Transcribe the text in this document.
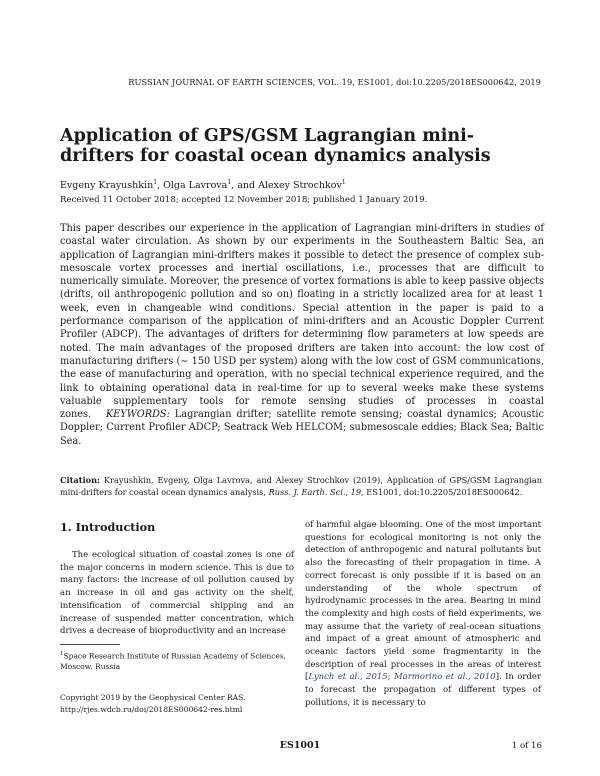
RUSSIAN JOURNAL OF EARTH SCIENCES, VOL. 19, ES1001, doi:10.2205/2018ES000642, 2019
Application of GPS/GSM Lagrangian mini-drifters for coastal ocean dynamics analysis
Evgeny Krayushkin$^1$, Olga Lavrova$^1$, and Alexey Strochkov$^1$
Received 11 October 2018; accepted 12 November 2018; published 1 January 2019.
This paper describes our experience in the application of Lagrangian mini-drifters in studies of coastal water circulation. As shown by our experiments in the Southeastern Baltic Sea, an application of Lagrangian mini-drifters makes it possible to detect the presence of complex sub-mesoscale vortex processes and inertial oscillations, i.e., processes that are difficult to numerically simulate. Moreover, the presence of vortex formations is able to keep passive objects (drifts, oil anthropogenic pollution and so on) floating in a strictly localized area for at least 1 week, even in changeable wind conditions. Special attention in the paper is paid to a performance comparison of the application of mini-drifters and an Acoustic Doppler Current Profiler (ADCP). The advantages of drifters for determining flow parameters at low speeds are noted. The main advantages of the proposed drifters are taken into account: the low cost of manufacturing drifters (∼ 150 USD per system) along with the low cost of GSM communications, the ease of manufacturing and operation, with no special technical experience required, and the link to obtaining operational data in real-time for up to several weeks make these systems valuable supplementary tools for remote sensing studies of processes in coastal zones. KEYWORDS: Lagrangian drifter; satellite remote sensing; coastal dynamics; Acoustic Doppler; Current Profiler ADCP; Seatrack Web HELCOM; submesoscale eddies; Black Sea; Baltic Sea.
Citation: Krayushkin, Evgeny, Olga Lavrova, and Alexey Strochkov (2019), Application of GPS/GSM Lagrangian mini-drifters for coastal ocean dynamics analysis, Russ. J. Earth. Sci., 19, ES1001, doi:10.2205/2018ES000642.
1. Introduction
The ecological situation of coastal zones is one of the major concerns in modern science. This is due to many factors: the increase of oil pollution caused by an increase in oil and gas activity on the shelf, intensification of commercial shipping and an increase of suspended matter concentration, which drives a decrease of bioproductivity and an increase
of harmful algae blooming. One of the most important questions for ecological monitoring is not only the detection of anthropogenic and natural pollutants but also the forecasting of their propagation in time. A correct forecast is only possible if it is based on an understanding of the whole spectrum of hydrodynamic processes in the area. Bearing in mind the complexity and high costs of field experiments, we may assume that the variety of real-ocean situations and impact of a great amount of atmospheric and oceanic factors yield some fragmentarity in the description of real processes in the areas of interest [Lynch et al., 2015; Marmorino et al., 2010]. In order to forecast the propagation of different types of pollutions, it is necessary to
$^1$Space Research Institute of Russian Academy of Sciences, Moscow, Russia
Copyright 2019 by the Geophysical Center RAS.
http://rjes.wdcb.ru/doi/2018ES000642-res.html
ES1001	1 of 16
